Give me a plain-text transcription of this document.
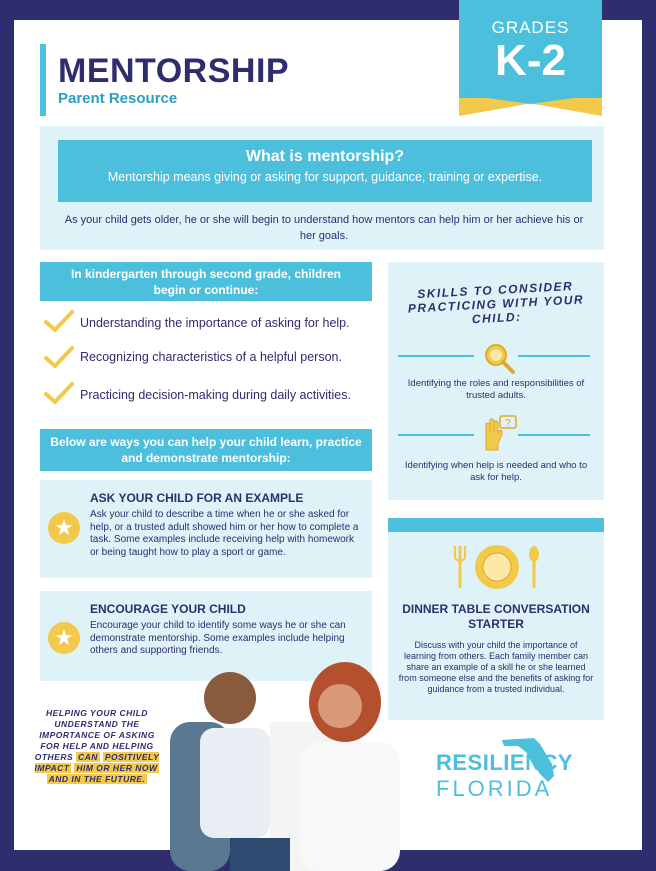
MENTORSHIP
Parent Resource
GRADES
K-2
What is mentorship?
Mentorship means giving or asking for support, guidance, training or expertise.
As your child gets older, he or she will begin to understand how mentors can help him or her achieve his or her goals.
In kindergarten through second grade, children begin or continue:
Understanding the importance of asking for help.
Recognizing characteristics of a helpful person.
Practicing decision-making during daily activities.
Below are ways you can help your child learn, practice and demonstrate mentorship:
★
ASK YOUR CHILD FOR AN EXAMPLE
Ask your child to describe a time when he or she asked for help, or a trusted adult showed him or her how to complete a task. Some examples include receiving help with homework or being taught how to play a sport or game.
★
ENCOURAGE YOUR CHILD
Encourage your child to identify some ways he or she can demonstrate mentorship. Some examples include helping others and supporting friends.
SKILLS TO CONSIDER PRACTICING WITH YOUR CHILD:
Identifying the roles and responsibilities of trusted adults.
?
Identifying when help is needed and who to ask for help.
DINNER TABLE CONVERSATION STARTER
Discuss with your child the importance of learning from others. Each family member can share an example of a skill he or she learned from someone else and the benefits of asking for guidance from a trusted individual.
HELPING YOUR CHILD UNDERSTAND THE IMPORTANCE OF ASKING FOR HELP AND HELPING OTHERS CAN POSITIVELY IMPACT HIM OR HER NOW AND IN THE FUTURE.
RESILIENCY
FLORIDA
